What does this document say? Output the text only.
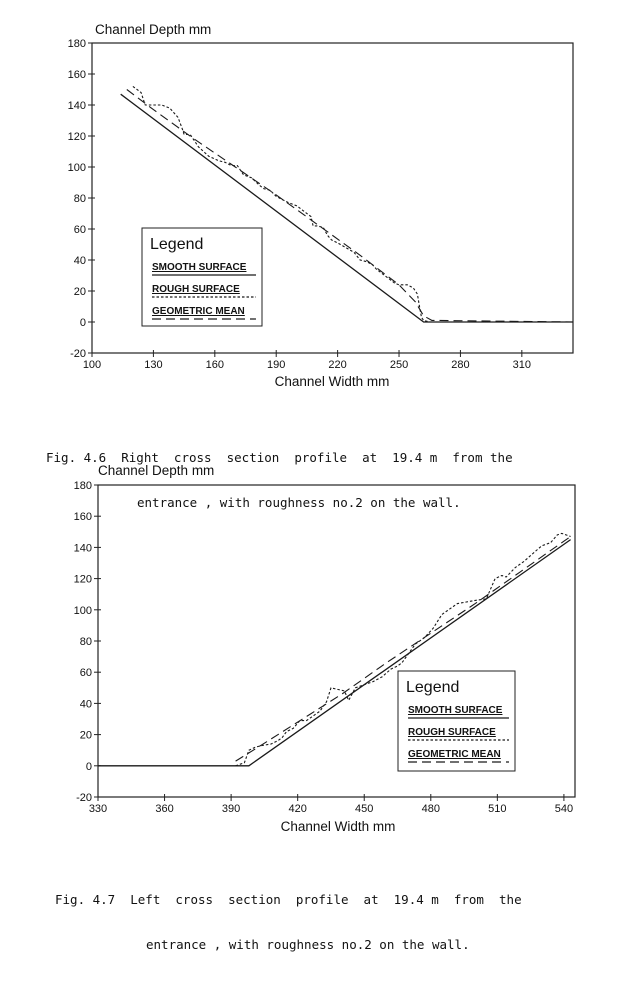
-20
0
20
40
60
80
100
120
140
160
180
100	130	160	190	220	250	280	310
Channel Depth mm
Channel Width mm
Legend
SMOOTH SURFACE
ROUGH SURFACE
GEOMETRIC MEAN

Fig. 4.6  Right  cross  section  profile  at  19.4 m  from the

entrance , with roughness no.2 on the wall.

-20
0
20
40
60
80
100
120
140
160
180
330	360	390	420	450	480	510	540
Channel Depth mm
Channel Width mm
Legend
SMOOTH SURFACE
ROUGH SURFACE
GEOMETRIC MEAN

Fig. 4.7  Left  cross  section  profile  at  19.4 m  from  the

entrance , with roughness no.2 on the wall.
